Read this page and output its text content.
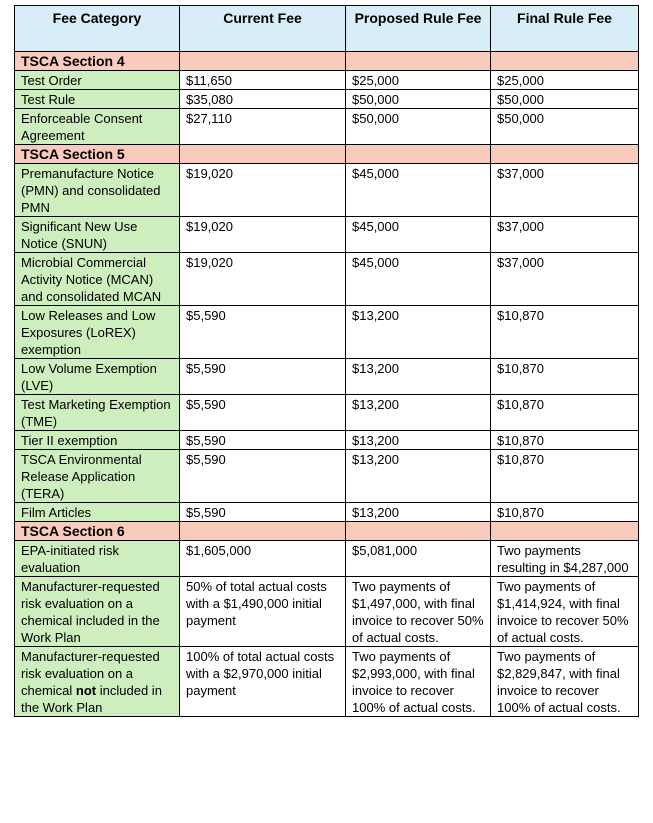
Fee Category	Current Fee	Proposed Rule Fee	Final Rule Fee
TSCA Section 4			
Test Order	$11,650	$25,000	$25,000
Test Rule	$35,080	$50,000	$50,000
Enforceable Consent Agreement	$27,110	$50,000	$50,000
TSCA Section 5			
Premanufacture Notice (PMN) and consolidated PMN	$19,020	$45,000	$37,000
Significant New Use Notice (SNUN)	$19,020	$45,000	$37,000
Microbial Commercial Activity Notice (MCAN) and consolidated MCAN	$19,020	$45,000	$37,000
Low Releases and Low Exposures (LoREX) exemption	$5,590	$13,200	$10,870
Low Volume Exemption (LVE)	$5,590	$13,200	$10,870
Test Marketing Exemption (TME)	$5,590	$13,200	$10,870
Tier II exemption	$5,590	$13,200	$10,870
TSCA Environmental Release Application (TERA)	$5,590	$13,200	$10,870
Film Articles	$5,590	$13,200	$10,870
TSCA Section 6			
EPA-initiated risk evaluation	$1,605,000	$5,081,000	Two payments resulting in $4,287,000
Manufacturer-requested risk evaluation on a chemical included in the Work Plan	50% of total actual costs with a $1,490,000 initial payment	Two payments of $1,497,000, with final invoice to recover 50% of actual costs.	Two payments of $1,414,924, with final invoice to recover 50% of actual costs.
Manufacturer-requested risk evaluation on a chemical not included in the Work Plan	100% of total actual costs with a $2,970,000 initial payment	Two payments of $2,993,000, with final invoice to recover 100% of actual costs.	Two payments of $2,829,847, with final invoice to recover 100% of actual costs.
